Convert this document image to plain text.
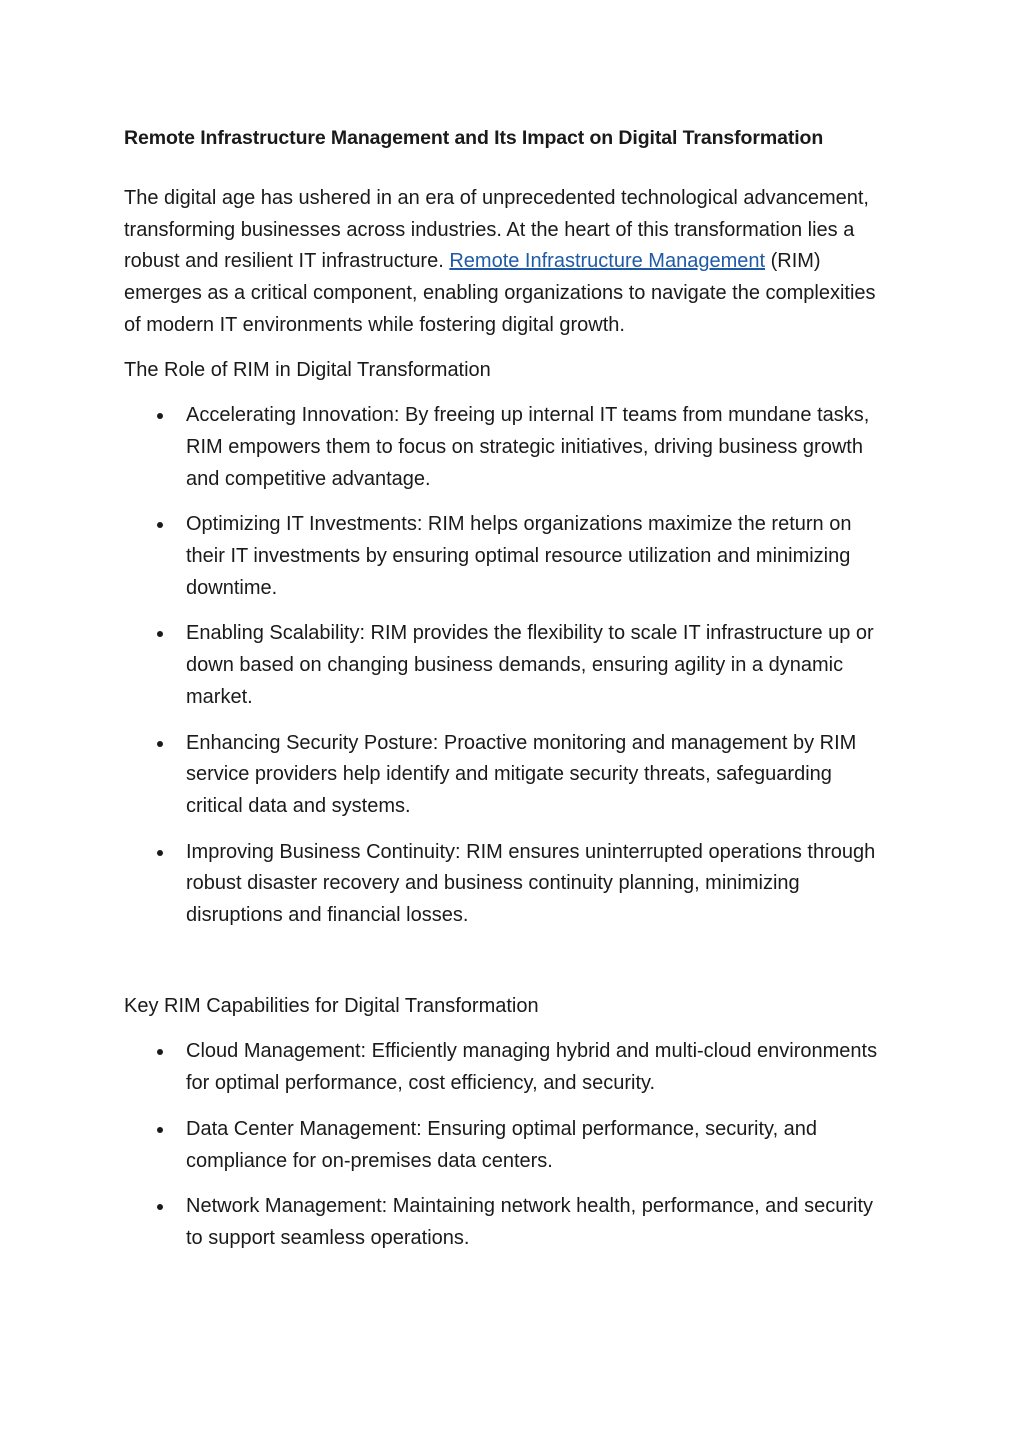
Remote Infrastructure Management and Its Impact on Digital Transformation

The digital age has ushered in an era of unprecedented technological advancement, transforming businesses across industries. At the heart of this transformation lies a robust and resilient IT infrastructure. Remote Infrastructure Management (RIM) emerges as a critical component, enabling organizations to navigate the complexities of modern IT environments while fostering digital growth.

The Role of RIM in Digital Transformation
Accelerating Innovation: By freeing up internal IT teams from mundane tasks, RIM empowers them to focus on strategic initiatives, driving business growth and competitive advantage.
Optimizing IT Investments: RIM helps organizations maximize the return on their IT investments by ensuring optimal resource utilization and minimizing downtime.
Enabling Scalability: RIM provides the flexibility to scale IT infrastructure up or down based on changing business demands, ensuring agility in a dynamic market.
Enhancing Security Posture: Proactive monitoring and management by RIM service providers help identify and mitigate security threats, safeguarding critical data and systems.
Improving Business Continuity: RIM ensures uninterrupted operations through robust disaster recovery and business continuity planning, minimizing disruptions and financial losses.
Key RIM Capabilities for Digital Transformation
Cloud Management: Efficiently managing hybrid and multi-cloud environments for optimal performance, cost efficiency, and security.
Data Center Management: Ensuring optimal performance, security, and compliance for on-premises data centers.
Network Management: Maintaining network health, performance, and security to support seamless operations.
